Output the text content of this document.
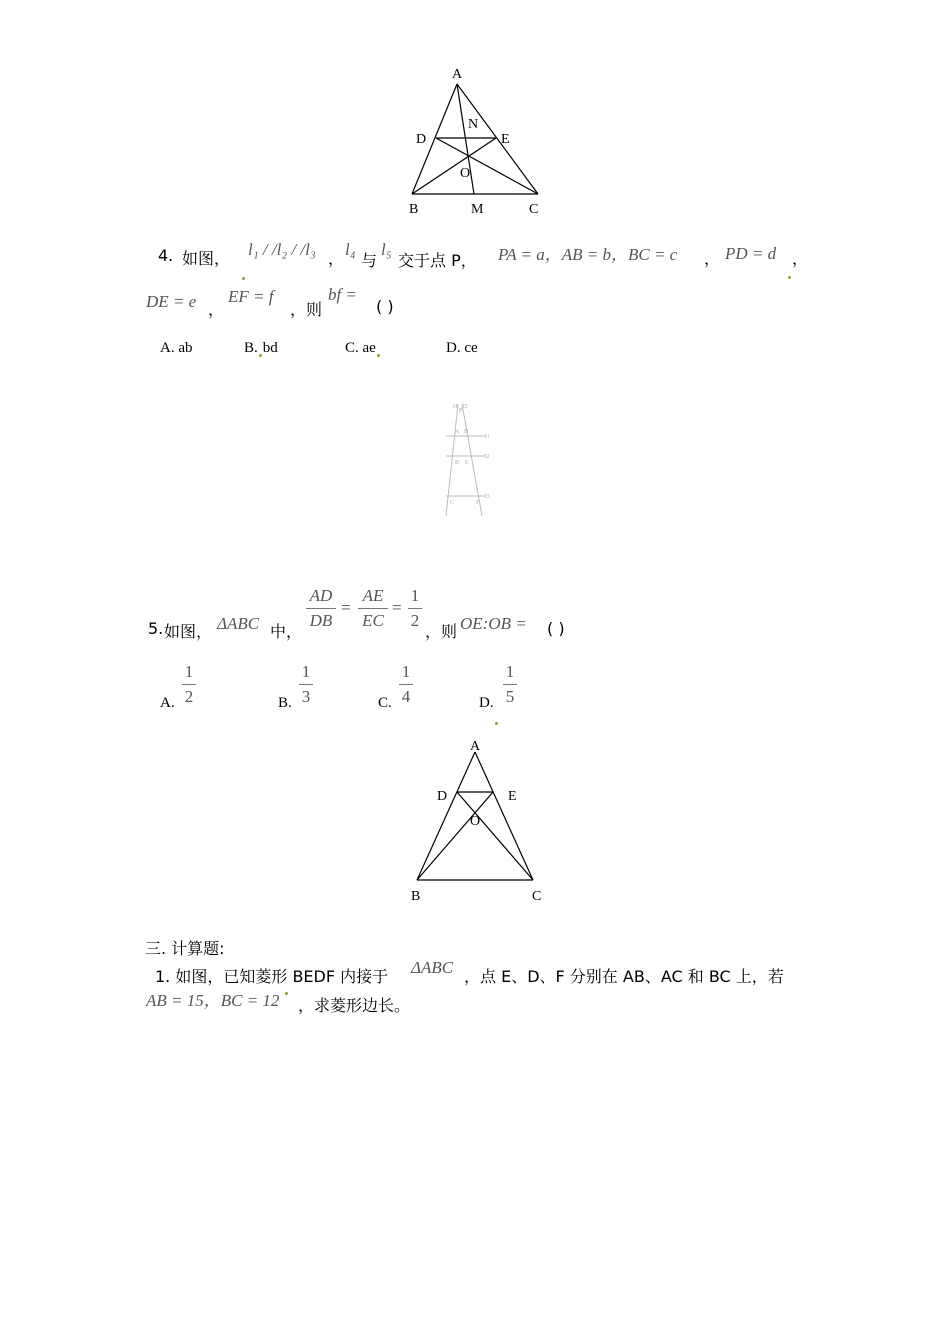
A
N
D	E
O
B	M	C
4. 如图， l₁ / /l₂ / /l₃ ， l₄
与
l₅
交于点 P， PA = a，AB = b，BC = c ， PD = d ，
DE = e ，
EF = f
，则
bf =
( )
A. ab	B. bd	C. ae	D. ce
l4
P
l5
A D
l1
B E
l2
C	F
l3
5. 如图， ΔABC 中，
AD
DB
=
AE
EC
=
1
2
，则 OE:OB = ( )
A.
1
2	B.
1
3	C.
1
4	D.
1
5
A
D	E
O
B	C
三. 计算题:
1. 如图，已知菱形 BEDF 内接于 ΔABC ，点 E、D、F 分别在 AB、AC 和 BC 上，若
AB = 15，BC = 12 ，求菱形边长。
